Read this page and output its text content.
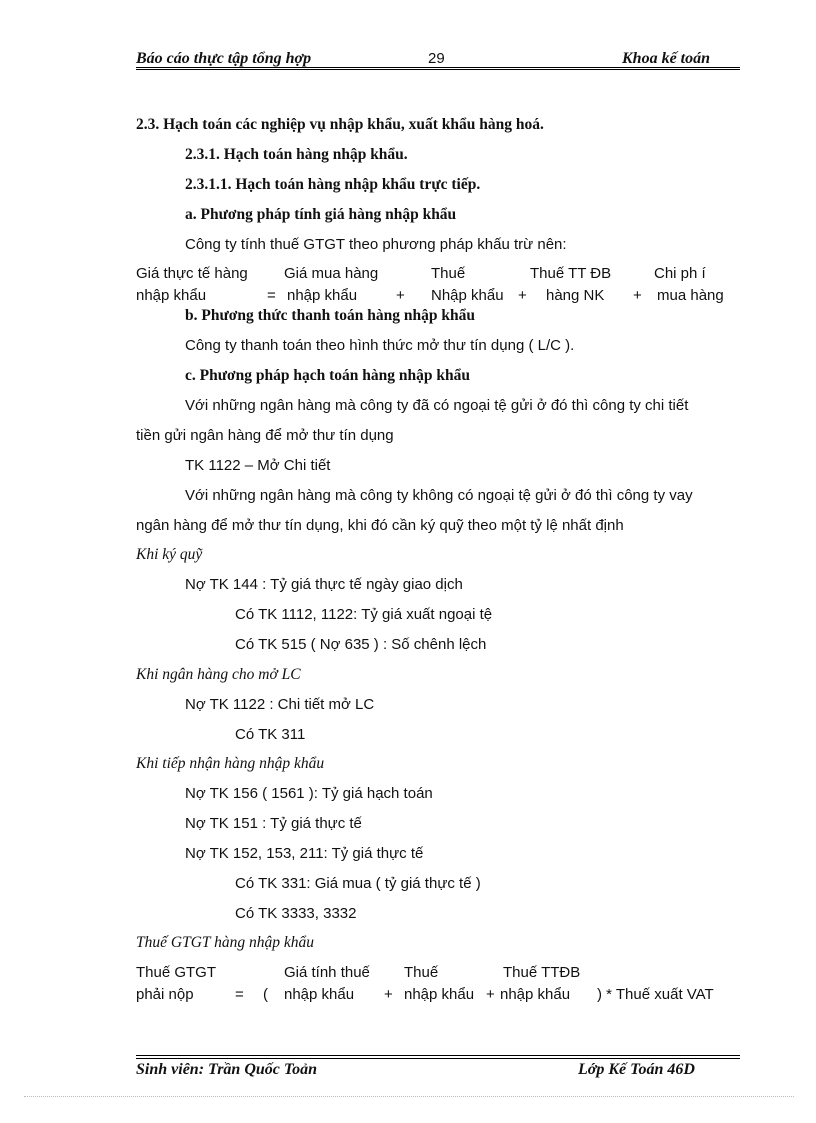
Báo cáo thực tập tổng hợp	29	Khoa kế toán
2.3. Hạch toán các nghiệp vụ nhập khẩu, xuất khẩu hàng hoá.
2.3.1. Hạch toán hàng nhập khẩu.
2.3.1.1. Hạch toán hàng nhập khẩu trực tiếp.
a. Phương pháp tính giá hàng nhập khẩu
Công ty tính thuế GTGT theo phương pháp khấu trừ nên:
Giá thực tế hàng Giá mua hàng	Thuế	Thuế TT ĐB	Chi ph í
nhập khẩu	= nhập khẩu	+ Nhập khẩu + hàng NK + mua hàng
b. Phương thức thanh toán hàng nhập khẩu
Công ty thanh toán theo hình thức mở thư tín dụng ( L/C ).
c. Phương pháp hạch toán hàng nhập khẩu
Với những ngân hàng mà công ty đã có ngoại tệ gửi ở đó thì công ty chi tiết
tiền gửi ngân hàng để mở thư tín dụng
TK 1122 – Mở Chi tiết
Với những ngân hàng mà công ty không có ngoại tệ gửi ở đó thì công ty vay
ngân hàng để mở thư tín dụng, khi đó cần ký quỹ theo một tỷ lệ nhất định
Khi ký quỹ
Nợ TK 144 : Tỷ giá thực tế ngày giao dịch
Có TK 1112, 1122: Tỷ giá xuất ngoại tệ
Có TK 515 ( Nợ 635 ) : Số chênh lệch
Khi ngân hàng cho mở LC
Nợ TK 1122 : Chi tiết mở LC
Có TK 311
Khi tiếp nhận hàng nhập khẩu
Nợ TK 156 ( 1561 ): Tỷ giá hạch toán
Nợ TK 151 : Tỷ giá thực tế
Nợ TK 152, 153, 211: Tỷ giá thực tế
Có TK 331: Giá mua ( tỷ giá thực tế )
Có TK 3333, 3332
Thuế GTGT hàng nhập khẩu
Thuế GTGT	Giá tính thuế Thuế	Thuế TTĐB
phải nộp	= ( nhập khẩu + nhập khẩu + nhập khẩu ) * Thuế xuất VAT
Sinh viên: Trần Quốc Toản	Lớp Kế Toán 46D
